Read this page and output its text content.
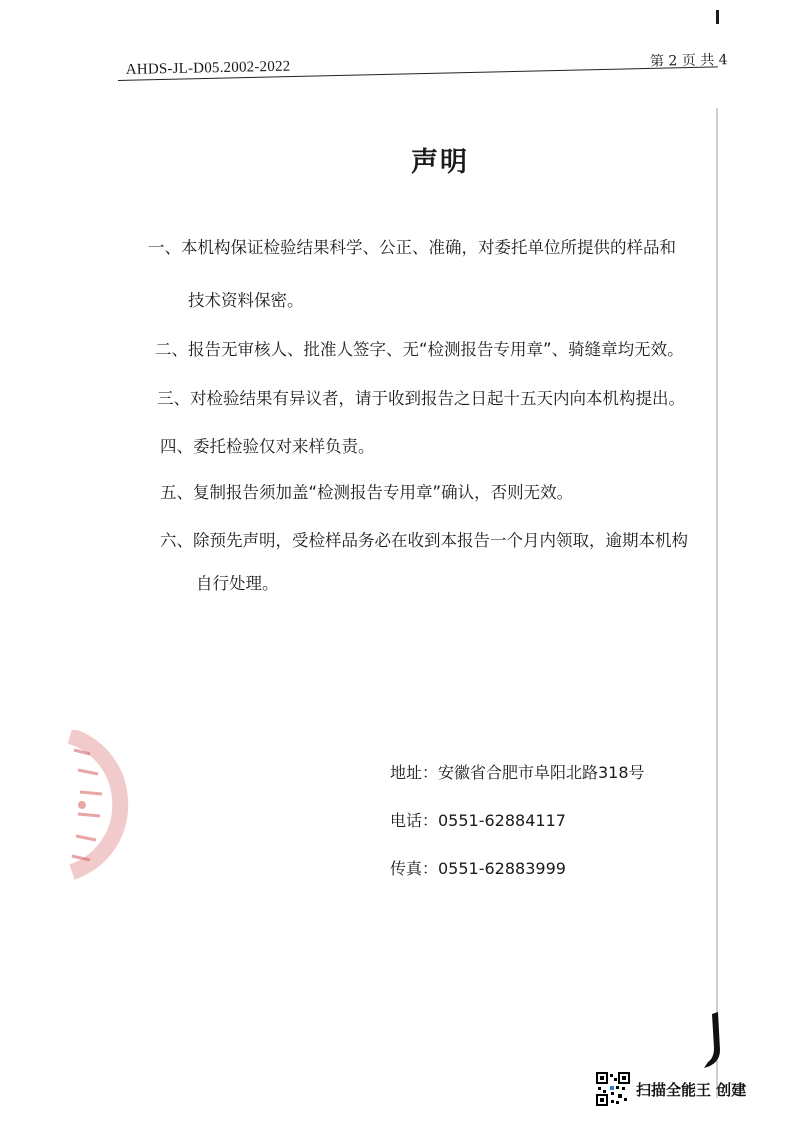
AHDS-JL-D05.2002-2022	第 2 页 共 4
声明
一、本机构保证检验结果科学、公正、准确，对委托单位所提供的样品和
技术资料保密。
二、报告无审核人、批准人签字、无“检测报告专用章”、骑缝章均无效。
三、对检验结果有异议者，请于收到报告之日起十五天内向本机构提出。
四、委托检验仅对来样负责。
五、复制报告须加盖“检测报告专用章”确认，否则无效。
六、除预先声明，受检样品务必在收到本报告一个月内领取，逾期本机构
自行处理。
地址：安徽省合肥市阜阳北路318号
电话：0551-62884117
传真：0551-62883999
扫描全能王 创建
